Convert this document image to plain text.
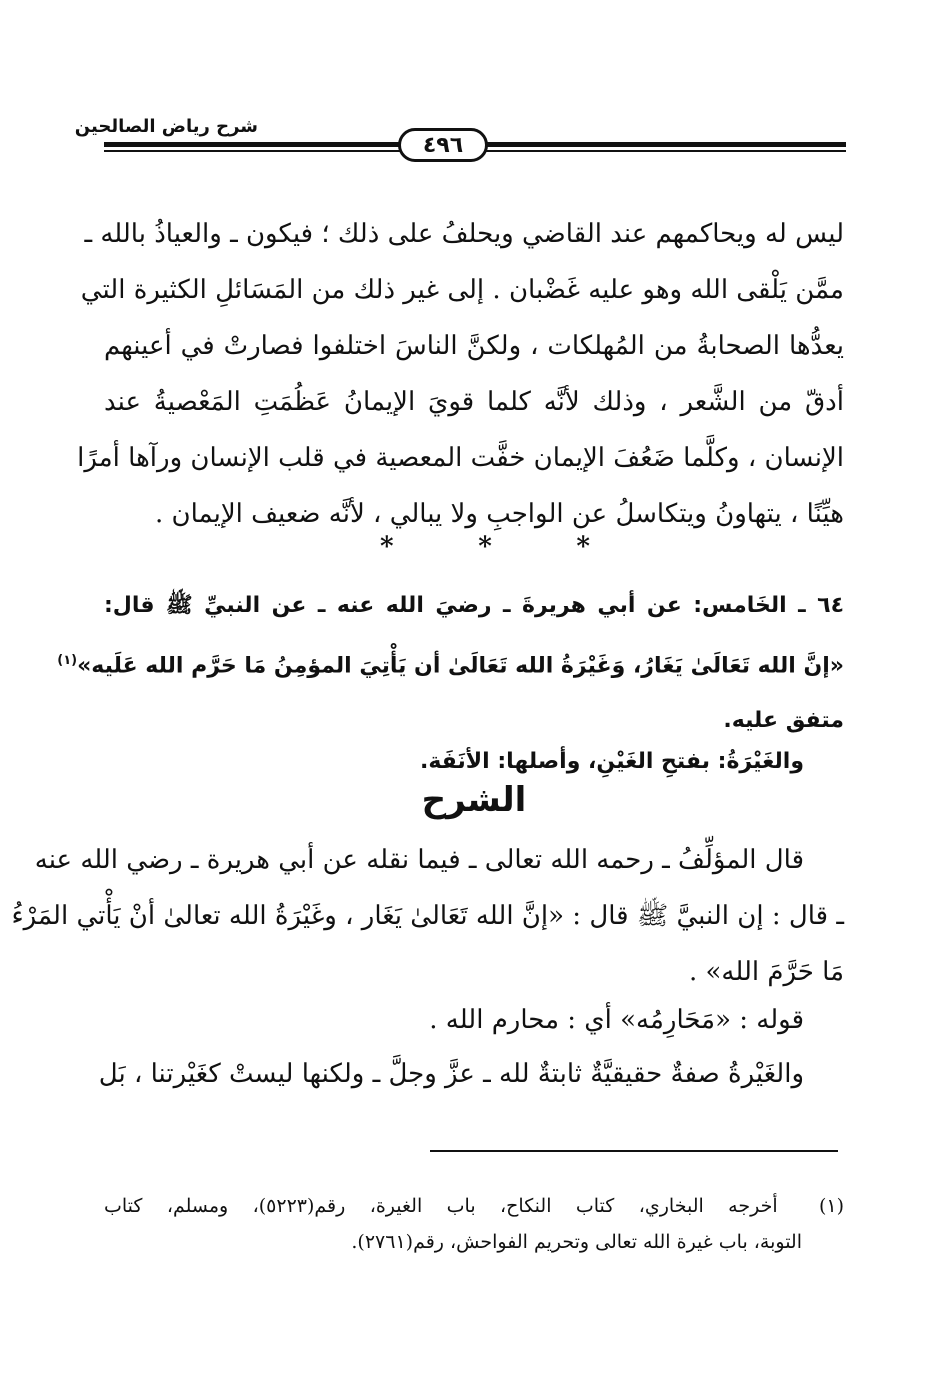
شرح رياض الصالحين
٤٩٦

ليس له ويحاكمهم عند القاضي ويحلفُ على ذلك ؛ فيكون ـ والعياذُ بالله ـ
ممَّن يَلْقى الله وهو عليه غَضْبان . إلى غير ذلك من المَسَائلِ الكثيرة التي
يعدُّها الصحابةُ من المُهلكات ، ولكنَّ الناسَ اختلفوا فصارتْ في أعينهم
أدقّ من الشَّعر ، وذلك لأنَّه كلما قويَ الإيمانُ عَظُمَتِ المَعْصيةُ عند
الإنسان ، وكلَّما ضَعُفَ الإيمان خفَّت المعصية في قلب الإنسان ورآها أمرًا
هيِّنًا ، يتهاونُ ويتكاسلُ عن الواجبِ ولا يبالي ، لأنَّه ضعيف الإيمان .

*
*
*
٦٤ ـ الخَامس: عن أبي هريرةَ ـ رضيَ الله عنه ـ عن النبيِّ ﷺ قال:
«إنَّ الله تَعَالَىٰ يَغَارُ، وَغَيْرَةُ الله تَعَالَىٰ أن يَأْتِيَ المؤمِنُ مَا حَرَّم الله عَلَيه»$^{(١)}$
متفق عليه.
والغَيْرَةُ: بفتحِ الغَيْنِ، وأصلها: الأنَفَة.
الشرح

قال المؤلِّفُ ـ رحمه الله تعالى ـ فيما نقله عن أبي هريرة ـ رضي الله عنه
ـ قال : إن النبيَّ ﷺ قال : «إنَّ الله تَعَالىٰ يَغَار ، وغَيْرَةُ الله تعالىٰ أنْ يَأْتي المَرْءُ
مَا حَرَّمَ الله» .

قوله : «مَحَارِمُه» أي : محارم الله .

والغَيْرةُ صفةٌ حقيقيَّةٌ ثابتةٌ لله ـ عزَّ وجلَّ ـ ولكنها ليستْ كغَيْرتنا ، بَل

(١) أخرجه البخاري، كتاب النكاح، باب الغيرة، رقم(٥٢٢٣)، ومسلم، كتاب
التوبة، باب غيرة الله تعالى وتحريم الفواحش، رقم(٢٧٦١).
